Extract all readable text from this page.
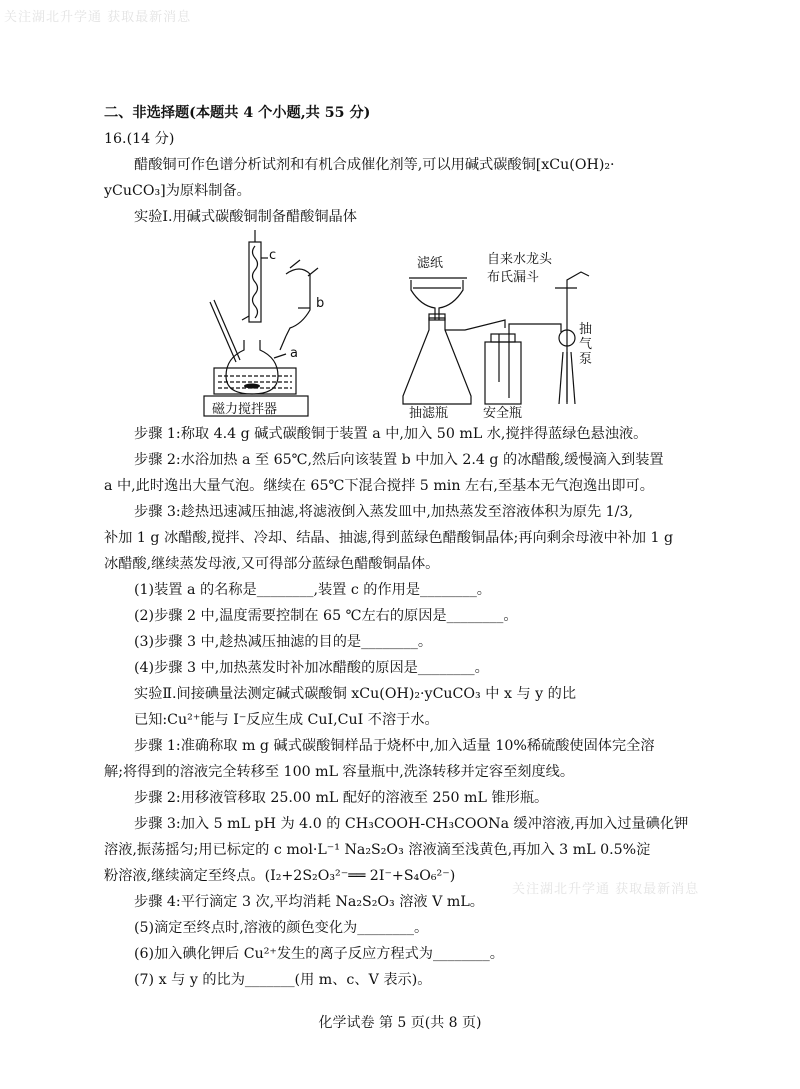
关注湖北升学通 获取最新消息
关注湖北升学通 获取最新消息
二、非选择题(本题共 4 个小题,共 55 分)
16.(14 分)
醋酸铜可作色谱分析试剂和有机合成催化剂等,可以用碱式碳酸铜[xCu(OH)₂·
yCuCO₃]为原料制备。
实验Ⅰ.用碱式碳酸铜制备醋酸铜晶体
c
b
a
磁力搅拌器
滤纸
布氏漏斗
自来水龙头
抽气泵
抽滤瓶	安全瓶
步骤 1:称取 4.4 g 碱式碳酸铜于装置 a 中,加入 50 mL 水,搅拌得蓝绿色悬浊液。
步骤 2:水浴加热 a 至 65℃,然后向该装置 b 中加入 2.4 g 的冰醋酸,缓慢滴入到装置
a 中,此时逸出大量气泡。继续在 65℃下混合搅拌 5 min 左右,至基本无气泡逸出即可。
步骤 3:趁热迅速减压抽滤,将滤液倒入蒸发皿中,加热蒸发至溶液体积为原先 1/3,
补加 1 g 冰醋酸,搅拌、冷却、结晶、抽滤,得到蓝绿色醋酸铜晶体;再向剩余母液中补加 1 g
冰醋酸,继续蒸发母液,又可得部分蓝绿色醋酸铜晶体。
(1)装置 a 的名称是________,装置 c 的作用是________。
(2)步骤 2 中,温度需要控制在 65 ℃左右的原因是________。
(3)步骤 3 中,趁热减压抽滤的目的是________。
(4)步骤 3 中,加热蒸发时补加冰醋酸的原因是________。
实验Ⅱ.间接碘量法测定碱式碳酸铜 xCu(OH)₂·yCuCO₃ 中 x 与 y 的比
已知:Cu²⁺能与 I⁻反应生成 CuI,CuI 不溶于水。
步骤 1:准确称取 m g 碱式碳酸铜样品于烧杯中,加入适量 10%稀硫酸使固体完全溶
解;将得到的溶液完全转移至 100 mL 容量瓶中,洗涤转移并定容至刻度线。
步骤 2:用移液管移取 25.00 mL 配好的溶液至 250 mL 锥形瓶。
步骤 3:加入 5 mL pH 为 4.0 的 CH₃COOH-CH₃COONa 缓冲溶液,再加入过量碘化钾
溶液,振荡摇匀;用已标定的 c mol·L⁻¹ Na₂S₂O₃ 溶液滴至浅黄色,再加入 3 mL 0.5%淀
粉溶液,继续滴定至终点。(I₂+2S₂O₃²⁻══ 2I⁻+S₄O₆²⁻)
步骤 4:平行滴定 3 次,平均消耗 Na₂S₂O₃ 溶液 V mL。
(5)滴定至终点时,溶液的颜色变化为________。
(6)加入碘化钾后 Cu²⁺发生的离子反应方程式为________。
(7) x 与 y 的比为_______(用 m、c、V 表示)。
化学试卷 第 5 页(共 8 页)
